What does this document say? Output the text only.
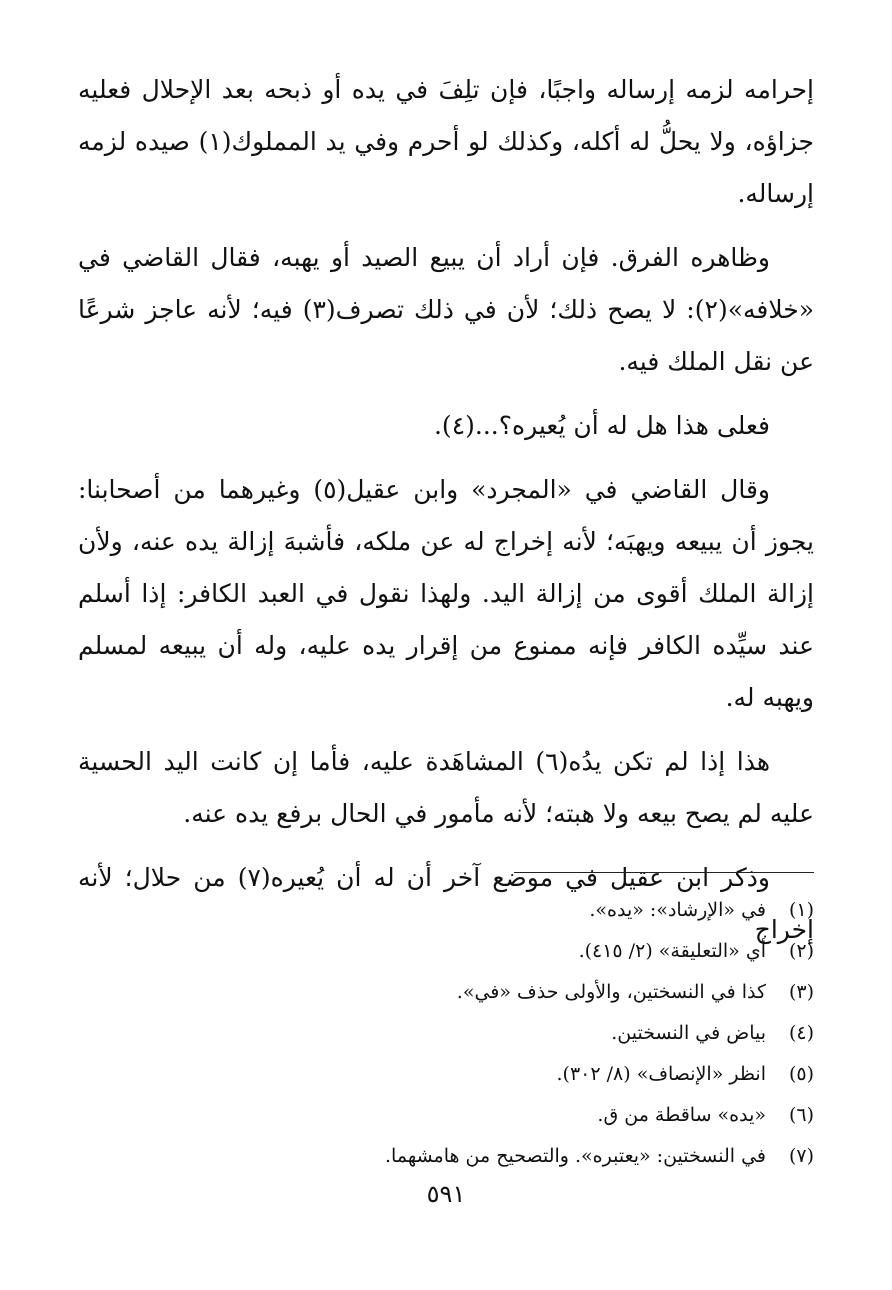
إحرامه لزمه إرساله واجبًا، فإن تلِفَ في يده أو ذبحه بعد الإحلال فعليه جزاؤه، ولا يحلُّ له أكله، وكذلك لو أحرم وفي يد المملوك(١) صيده لزمه إرساله.

وظاهره الفرق. فإن أراد أن يبيع الصيد أو يهبه، فقال القاضي في «خلافه»(٢): لا يصح ذلك؛ لأن في ذلك تصرف(٣) فيه؛ لأنه عاجز شرعًا عن نقل الملك فيه.

فعلى هذا هل له أن يُعيره؟...(٤).

وقال القاضي في «المجرد» وابن عقيل(٥) وغيرهما من أصحابنا: يجوز أن يبيعه ويهبَه؛ لأنه إخراج له عن ملكه، فأشبهَ إزالة يده عنه، ولأن إزالة الملك أقوى من إزالة اليد. ولهذا نقول في العبد الكافر: إذا أسلم عند سيِّده الكافر فإنه ممنوع من إقرار يده عليه، وله أن يبيعه لمسلم ويهبه له.

هذا إذا لم تكن يدُه(٦) المشاهَدة عليه، فأما إن كانت اليد الحسية عليه لم يصح بيعه ولا هبته؛ لأنه مأمور في الحال برفع يده عنه.

وذكر ابن عقيل في موضع آخر أن له أن يُعيره(٧) من حلال؛ لأنه إخراج

(١)
في «الإرشاد»: «يده».
(٢)
أي «التعليقة» (٢/ ٤١٥).
(٣)
كذا في النسختين، والأولى حذف «في».
(٤)
بياض في النسختين.
(٥)
انظر «الإنصاف» (٨/ ٣٠٢).
(٦)
«يده» ساقطة من ق.
(٧)
في النسختين: «يعتبره». والتصحيح من هامشهما.
٥٩١
